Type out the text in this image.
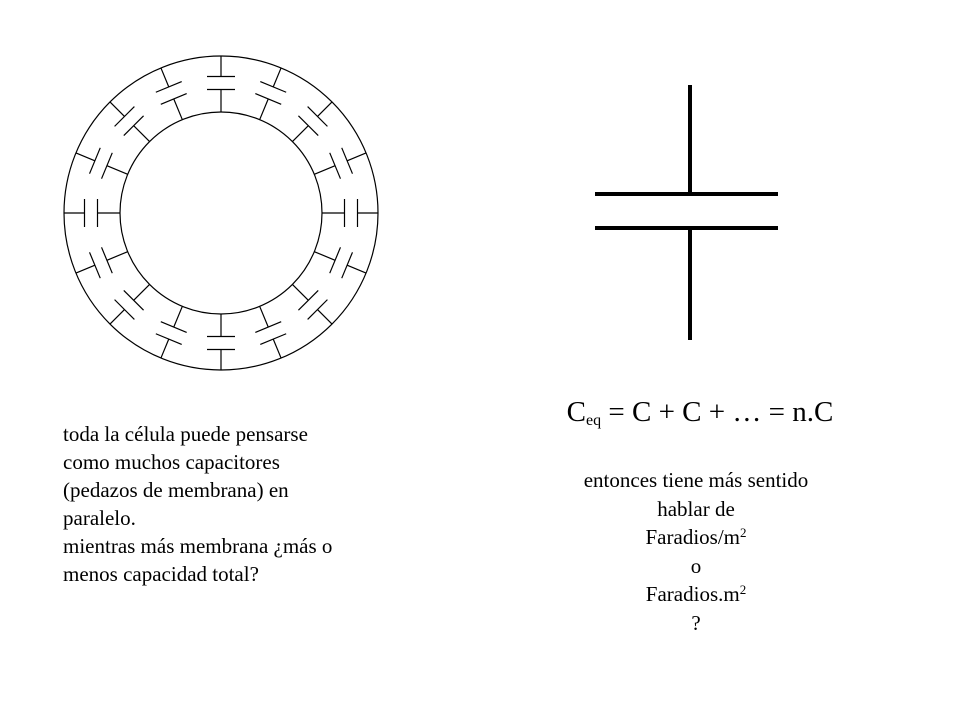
$C_{eq} = C + C$ + … = n.C
toda la célula puede pensarse
como muchos capacitores
(pedazos de membrana) en
paralelo.
mientras más membrana ¿más o
menos capacidad total?
entonces tiene más sentido
hablar de
Faradios/$m^2$
o
$Faradios.m^2$
?
